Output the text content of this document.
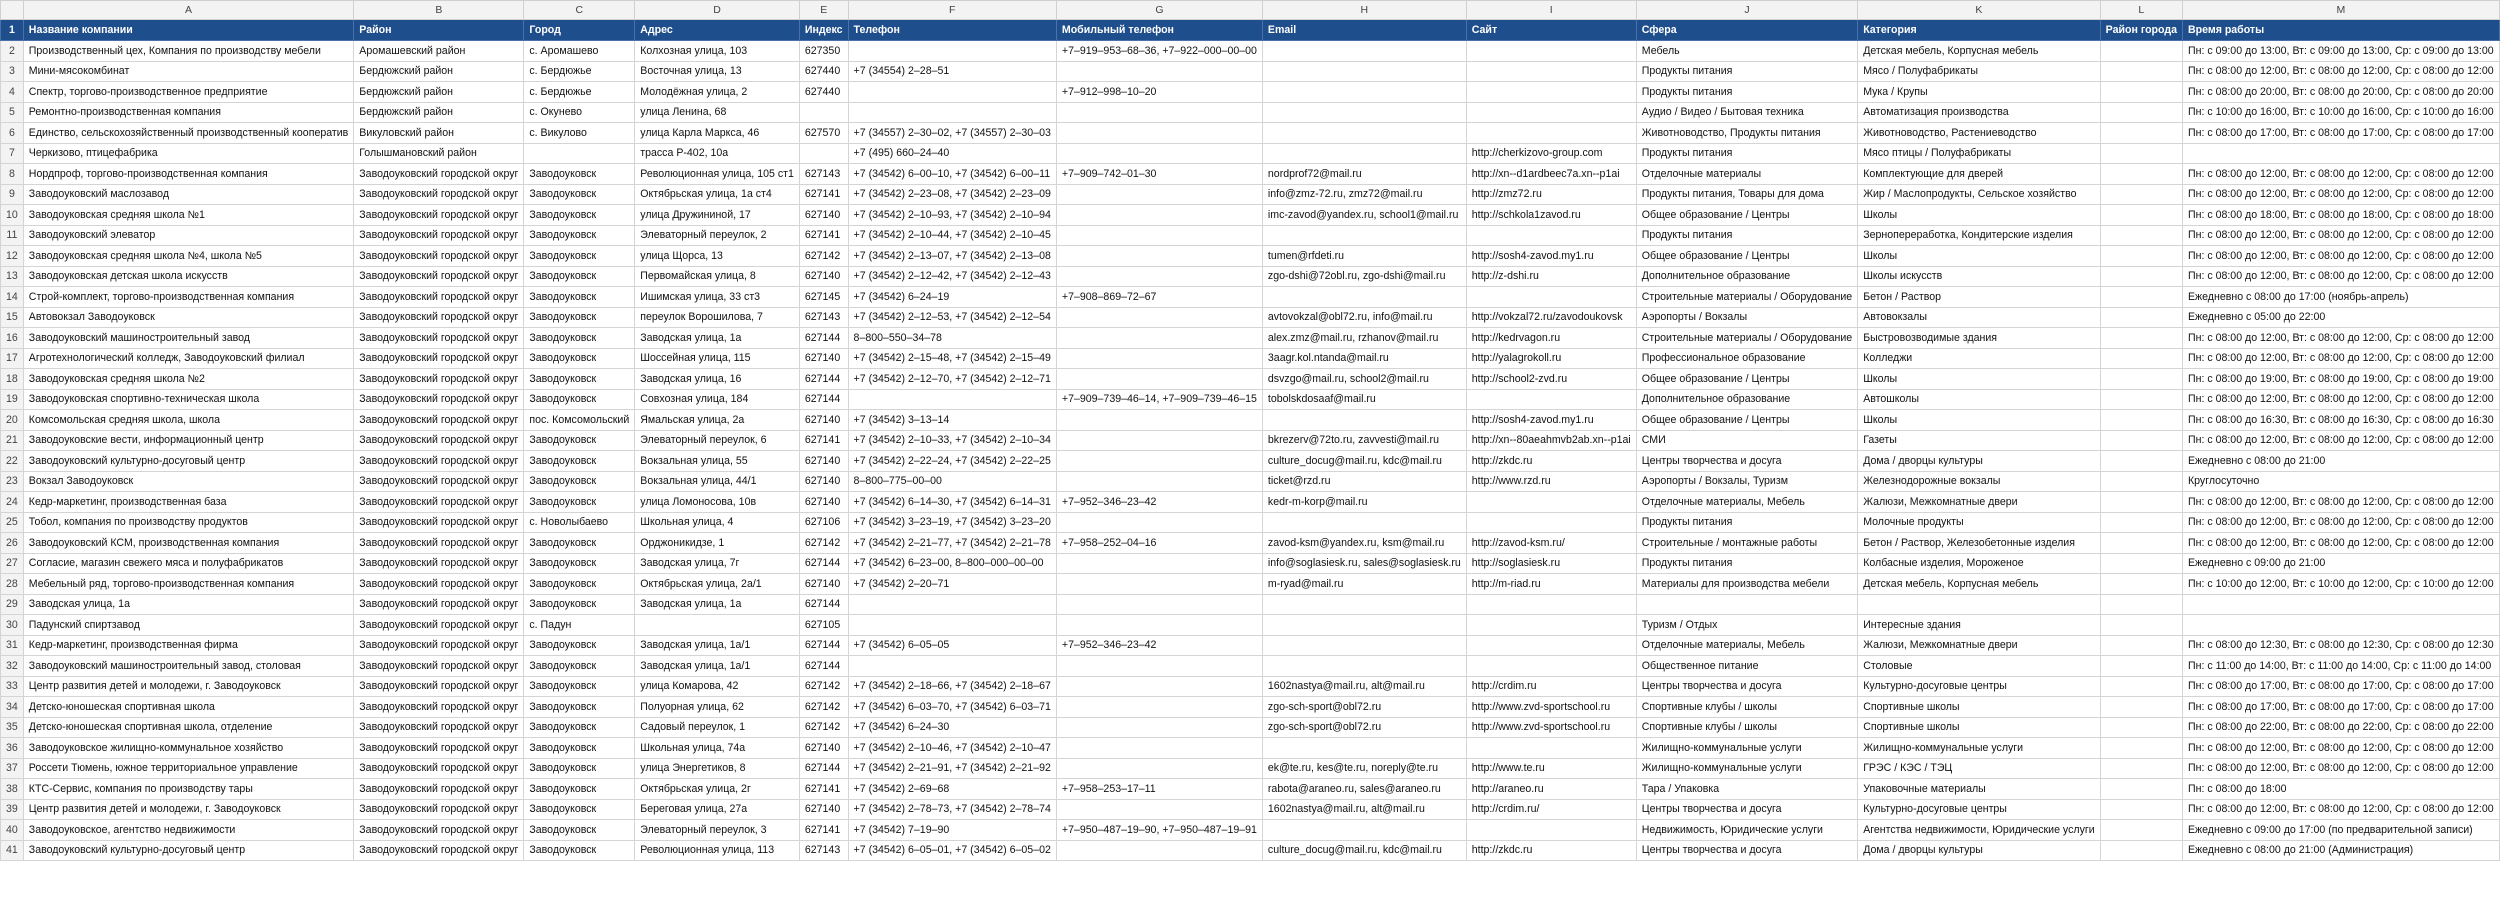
	A	B	C	D	E	F	G	H	I	J	K	L	M
1	Название компании	Район	Город	Адрес	Индекс	Телефон	Мобильный телефон	Email	Сайт	Сфера	Категория	Район города	Время работы
2	Производственный цех, Компания по производству мебели	Аромашевский район	с. Аромашево	Колхозная улица, 103	627350		+7–919–953–68–36, +7–922–000–00–00			Мебель	Детская мебель, Корпусная мебель		Пн: с 09:00 до 13:00, Вт: с 09:00 до 13:00, Ср: с 09:00 до 13:00
3	Мини-мясокомбинат	Бердюжский район	с. Бердюжье	Восточная улица, 13	627440	+7 (34554) 2–28–51				Продукты питания	Мясо / Полуфабрикаты		Пн: с 08:00 до 12:00, Вт: с 08:00 до 12:00, Ср: с 08:00 до 12:00
4	Спектр, торгово-производственное предприятие	Бердюжский район	с. Бердюжье	Молодёжная улица, 2	627440		+7–912–998–10–20			Продукты питания	Мука / Крупы		Пн: с 08:00 до 20:00, Вт: с 08:00 до 20:00, Ср: с 08:00 до 20:00
5	Ремонтно-производственная компания	Бердюжский район	с. Окунево	улица Ленина, 68						Аудио / Видео / Бытовая техника	Автоматизация производства		Пн: с 10:00 до 16:00, Вт: с 10:00 до 16:00, Ср: с 10:00 до 16:00
6	Единство, сельскохозяйственный производственный кооператив	Викуловский район	с. Викулово	улица Карла Маркса, 46	627570	+7 (34557) 2–30–02, +7 (34557) 2–30–03				Животноводство, Продукты питания	Животноводство, Растениеводство		Пн: с 08:00 до 17:00, Вт: с 08:00 до 17:00, Ср: с 08:00 до 17:00
7	Черкизово, птицефабрика	Голышмановский район		трасса Р-402, 10а		+7 (495) 660–24–40			http://cherkizovo-group.com	Продукты питания	Мясо птицы / Полуфабрикаты		
8	Нордпроф, торгово-производственная компания	Заводоуковский городской округ	Заводоуковск	Революционная улица, 105 ст1	627143	+7 (34542) 6–00–10, +7 (34542) 6–00–11	+7–909–742–01–30	nordprof72@mail.ru	http://xn--d1ardbeec7a.xn--p1ai	Отделочные материалы	Комплектующие для дверей		Пн: с 08:00 до 12:00, Вт: с 08:00 до 12:00, Ср: с 08:00 до 12:00
9	Заводоуковский маслозавод	Заводоуковский городской округ	Заводоуковск	Октябрьская улица, 1а ст4	627141	+7 (34542) 2–23–08, +7 (34542) 2–23–09		info@zmz-72.ru, zmz72@mail.ru	http://zmz72.ru	Продукты питания, Товары для дома	Жир / Маслопродукты, Сельское хозяйство		Пн: с 08:00 до 12:00, Вт: с 08:00 до 12:00, Ср: с 08:00 до 12:00
10	Заводоуковская средняя школа №1	Заводоуковский городской округ	Заводоуковск	улица Дружининой, 17	627140	+7 (34542) 2–10–93, +7 (34542) 2–10–94		imc-zavod@yandex.ru, school1@mail.ru	http://schkola1zavod.ru	Общее образование / Центры	Школы		Пн: с 08:00 до 18:00, Вт: с 08:00 до 18:00, Ср: с 08:00 до 18:00
11	Заводоуковский элеватор	Заводоуковский городской округ	Заводоуковск	Элеваторный переулок, 2	627141	+7 (34542) 2–10–44, +7 (34542) 2–10–45				Продукты питания	Зернопереработка, Кондитерские изделия		Пн: с 08:00 до 12:00, Вт: с 08:00 до 12:00, Ср: с 08:00 до 12:00
12	Заводоуковская средняя школа №4, школа №5	Заводоуковский городской округ	Заводоуковск	улица Щорса, 13	627142	+7 (34542) 2–13–07, +7 (34542) 2–13–08		tumen@rfdeti.ru	http://sosh4-zavod.my1.ru	Общее образование / Центры	Школы		Пн: с 08:00 до 12:00, Вт: с 08:00 до 12:00, Ср: с 08:00 до 12:00
13	Заводоуковская детская школа искусств	Заводоуковский городской округ	Заводоуковск	Первомайская улица, 8	627140	+7 (34542) 2–12–42, +7 (34542) 2–12–43		zgo-dshi@72obl.ru, zgo-dshi@mail.ru	http://z-dshi.ru	Дополнительное образование	Школы искусств		Пн: с 08:00 до 12:00, Вт: с 08:00 до 12:00, Ср: с 08:00 до 12:00
14	Строй-комплект, торгово-производственная компания	Заводоуковский городской округ	Заводоуковск	Ишимская улица, 33 ст3	627145	+7 (34542) 6–24–19	+7–908–869–72–67			Строительные материалы / Оборудование	Бетон / Раствор		Ежедневно с 08:00 до 17:00 (ноябрь-апрель)
15	Автовокзал Заводоуковск	Заводоуковский городской округ	Заводоуковск	переулок Ворошилова, 7	627143	+7 (34542) 2–12–53, +7 (34542) 2–12–54		avtovokzal@obl72.ru, info@mail.ru	http://vokzal72.ru/zavodoukovsk	Аэропорты / Вокзалы	Автовокзалы		Ежедневно с 05:00 до 22:00
16	Заводоуковский машиностроительный завод	Заводоуковский городской округ	Заводоуковск	Заводская улица, 1а	627144	8–800–550–34–78		alex.zmz@mail.ru, rzhanov@mail.ru	http://kedrvagon.ru	Строительные материалы / Оборудование	Быстровозводимые здания		Пн: с 08:00 до 12:00, Вт: с 08:00 до 12:00, Ср: с 08:00 до 12:00
17	Агротехнологический колледж, Заводоуковский филиал	Заводоуковский городской округ	Заводоуковск	Шоссейная улица, 115	627140	+7 (34542) 2–15–48, +7 (34542) 2–15–49		3aagr.kol.ntanda@mail.ru	http://yalagrokoll.ru	Профессиональное образование	Колледжи		Пн: с 08:00 до 12:00, Вт: с 08:00 до 12:00, Ср: с 08:00 до 12:00
18	Заводоуковская средняя школа №2	Заводоуковский городской округ	Заводоуковск	Заводская улица, 16	627144	+7 (34542) 2–12–70, +7 (34542) 2–12–71		dsvzgo@mail.ru, school2@mail.ru	http://school2-zvd.ru	Общее образование / Центры	Школы		Пн: с 08:00 до 19:00, Вт: с 08:00 до 19:00, Ср: с 08:00 до 19:00
19	Заводоуковская спортивно-техническая школа	Заводоуковский городской округ	Заводоуковск	Совхозная улица, 184	627144		+7–909–739–46–14, +7–909–739–46–15	tobolskdosaaf@mail.ru		Дополнительное образование	Автошколы		Пн: с 08:00 до 12:00, Вт: с 08:00 до 12:00, Ср: с 08:00 до 12:00
20	Комсомольская средняя школа, школа	Заводоуковский городской округ	пос. Комсомольский	Ямальская улица, 2а	627140	+7 (34542) 3–13–14			http://sosh4-zavod.my1.ru	Общее образование / Центры	Школы		Пн: с 08:00 до 16:30, Вт: с 08:00 до 16:30, Ср: с 08:00 до 16:30
21	Заводоуковские вести, информационный центр	Заводоуковский городской округ	Заводоуковск	Элеваторный переулок, 6	627141	+7 (34542) 2–10–33, +7 (34542) 2–10–34		bkrezerv@72to.ru, zavvesti@mail.ru	http://xn--80aeahmvb2ab.xn--p1ai	СМИ	Газеты		Пн: с 08:00 до 12:00, Вт: с 08:00 до 12:00, Ср: с 08:00 до 12:00
22	Заводоуковский культурно-досуговый центр	Заводоуковский городской округ	Заводоуковск	Вокзальная улица, 55	627140	+7 (34542) 2–22–24, +7 (34542) 2–22–25		culture_docug@mail.ru, kdc@mail.ru	http://zkdc.ru	Центры творчества и досуга	Дома / дворцы культуры		Ежедневно с 08:00 до 21:00
23	Вокзал Заводоуковск	Заводоуковский городской округ	Заводоуковск	Вокзальная улица, 44/1	627140	8–800–775–00–00		ticket@rzd.ru	http://www.rzd.ru	Аэропорты / Вокзалы, Туризм	Железнодорожные вокзалы		Круглосуточно
24	Кедр-маркетинг, производственная база	Заводоуковский городской округ	Заводоуковск	улица Ломоносова, 10в	627140	+7 (34542) 6–14–30, +7 (34542) 6–14–31	+7–952–346–23–42	kedr-m-korp@mail.ru		Отделочные материалы, Мебель	Жалюзи, Межкомнатные двери		Пн: с 08:00 до 12:00, Вт: с 08:00 до 12:00, Ср: с 08:00 до 12:00
25	Тобол, компания по производству продуктов	Заводоуковский городской округ	с. Новолыбаево	Школьная улица, 4	627106	+7 (34542) 3–23–19, +7 (34542) 3–23–20				Продукты питания	Молочные продукты		Пн: с 08:00 до 12:00, Вт: с 08:00 до 12:00, Ср: с 08:00 до 12:00
26	Заводоуковский КСМ, производственная компания	Заводоуковский городской округ	Заводоуковск	Орджоникидзе, 1	627142	+7 (34542) 2–21–77, +7 (34542) 2–21–78	+7–958–252–04–16	zavod-ksm@yandex.ru, ksm@mail.ru	http://zavod-ksm.ru/	Строительные / монтажные работы	Бетон / Раствор, Железобетонные изделия		Пн: с 08:00 до 12:00, Вт: с 08:00 до 12:00, Ср: с 08:00 до 12:00
27	Согласие, магазин свежего мяса и полуфабрикатов	Заводоуковский городской округ	Заводоуковск	Заводская улица, 7г	627144	+7 (34542) 6–23–00, 8–800–000–00–00		info@soglasiesk.ru, sales@soglasiesk.ru	http://soglasiesk.ru	Продукты питания	Колбасные изделия, Мороженое		Ежедневно с 09:00 до 21:00
28	Мебельный ряд, торгово-производственная компания	Заводоуковский городской округ	Заводоуковск	Октябрьская улица, 2а/1	627140	+7 (34542) 2–20–71		m-ryad@mail.ru	http://m-riad.ru	Материалы для производства мебели	Детская мебель, Корпусная мебель		Пн: с 10:00 до 12:00, Вт: с 10:00 до 12:00, Ср: с 10:00 до 12:00
29	Заводская улица, 1а	Заводоуковский городской округ	Заводоуковск	Заводская улица, 1а	627144								
30	Падунский спиртзавод	Заводоуковский городской округ	с. Падун		627105					Туризм / Отдых	Интересные здания		
31	Кедр-маркетинг, производственная фирма	Заводоуковский городской округ	Заводоуковск	Заводская улица, 1а/1	627144	+7 (34542) 6–05–05	+7–952–346–23–42			Отделочные материалы, Мебель	Жалюзи, Межкомнатные двери		Пн: с 08:00 до 12:30, Вт: с 08:00 до 12:30, Ср: с 08:00 до 12:30
32	Заводоуковский машиностроительный завод, столовая	Заводоуковский городской округ	Заводоуковск	Заводская улица, 1а/1	627144					Общественное питание	Столовые		Пн: с 11:00 до 14:00, Вт: с 11:00 до 14:00, Ср: с 11:00 до 14:00
33	Центр развития детей и молодежи, г. Заводоуковск	Заводоуковский городской округ	Заводоуковск	улица Комарова, 42	627142	+7 (34542) 2–18–66, +7 (34542) 2–18–67		1602nastya@mail.ru, alt@mail.ru	http://crdim.ru	Центры творчества и досуга	Культурно-досуговые центры		Пн: с 08:00 до 17:00, Вт: с 08:00 до 17:00, Ср: с 08:00 до 17:00
34	Детско-юношеская спортивная школа	Заводоуковский городской округ	Заводоуковск	Полуорная улица, 62	627142	+7 (34542) 6–03–70, +7 (34542) 6–03–71		zgo-sch-sport@obl72.ru	http://www.zvd-sportschool.ru	Спортивные клубы / школы	Спортивные школы		Пн: с 08:00 до 17:00, Вт: с 08:00 до 17:00, Ср: с 08:00 до 17:00
35	Детско-юношеская спортивная школа, отделение	Заводоуковский городской округ	Заводоуковск	Садовый переулок, 1	627142	+7 (34542) 6–24–30		zgo-sch-sport@obl72.ru	http://www.zvd-sportschool.ru	Спортивные клубы / школы	Спортивные школы		Пн: с 08:00 до 22:00, Вт: с 08:00 до 22:00, Ср: с 08:00 до 22:00
36	Заводоуковское жилищно-коммунальное хозяйство	Заводоуковский городской округ	Заводоуковск	Школьная улица, 74а	627140	+7 (34542) 2–10–46, +7 (34542) 2–10–47				Жилищно-коммунальные услуги	Жилищно-коммунальные услуги		Пн: с 08:00 до 12:00, Вт: с 08:00 до 12:00, Ср: с 08:00 до 12:00
37	Россети Тюмень, южное территориальное управление	Заводоуковский городской округ	Заводоуковск	улица Энергетиков, 8	627144	+7 (34542) 2–21–91, +7 (34542) 2–21–92		ek@te.ru, kes@te.ru, noreply@te.ru	http://www.te.ru	Жилищно-коммунальные услуги	ГРЭС / КЭС / ТЭЦ		Пн: с 08:00 до 12:00, Вт: с 08:00 до 12:00, Ср: с 08:00 до 12:00
38	КТС-Сервис, компания по производству тары	Заводоуковский городской округ	Заводоуковск	Октябрьская улица, 2г	627141	+7 (34542) 2–69–68	+7–958–253–17–11	rabota@araneo.ru, sales@araneo.ru	http://araneo.ru	Тара / Упаковка	Упаковочные материалы		Пн: с 08:00 до 18:00
39	Центр развития детей и молодежи, г. Заводоуковск	Заводоуковский городской округ	Заводоуковск	Береговая улица, 27а	627140	+7 (34542) 2–78–73, +7 (34542) 2–78–74		1602nastya@mail.ru, alt@mail.ru	http://crdim.ru/	Центры творчества и досуга	Культурно-досуговые центры		Пн: с 08:00 до 12:00, Вт: с 08:00 до 12:00, Ср: с 08:00 до 12:00
40	Заводоуковское, агентство недвижимости	Заводоуковский городской округ	Заводоуковск	Элеваторный переулок, 3	627141	+7 (34542) 7–19–90	+7–950–487–19–90, +7–950–487–19–91			Недвижимость, Юридические услуги	Агентства недвижимости, Юридические услуги		Ежедневно с 09:00 до 17:00 (по предварительной записи)
41	Заводоуковский культурно-досуговый центр	Заводоуковский городской округ	Заводоуковск	Революционная улица, 113	627143	+7 (34542) 6–05–01, +7 (34542) 6–05–02		culture_docug@mail.ru, kdc@mail.ru	http://zkdc.ru	Центры творчества и досуга	Дома / дворцы культуры		Ежедневно с 08:00 до 21:00 (Администрация)
